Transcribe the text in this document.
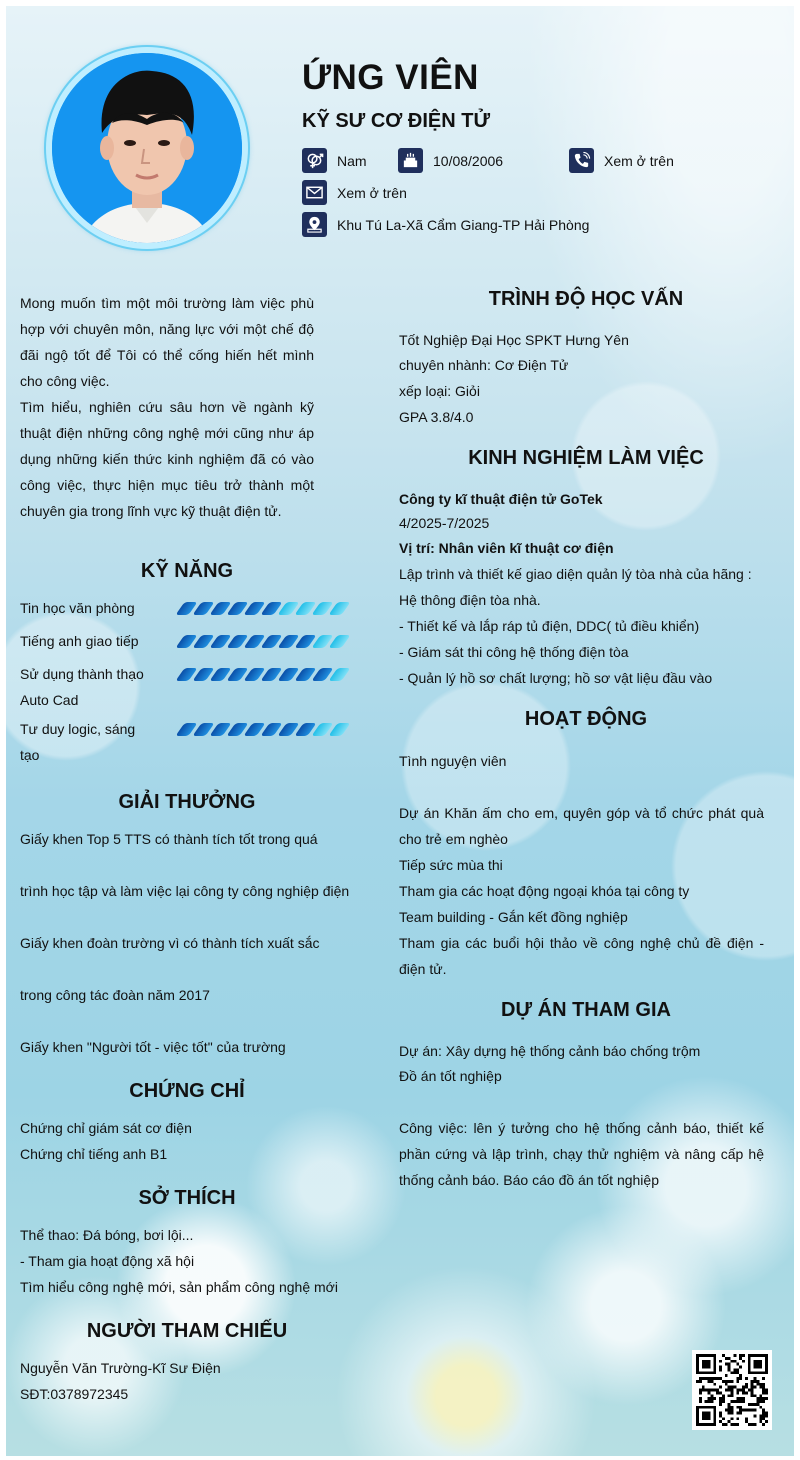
ỨNG VIÊN
KỸ SƯ CƠ ĐIỆN TỬ
Nam	10/08/2006	Xem ở trên
Xem ở trên
Khu Tú La-Xã Cẩm Giang-TP Hải Phòng

Mong muốn tìm một môi trường làm việc phù hợp với chuyên môn, năng lực với một chế độ đãi ngộ tốt để Tôi có thể cống hiến hết mình cho công việc.

Tìm hiểu, nghiên cứu sâu hơn về ngành kỹ thuật điện những công nghệ mới cũng như áp dụng những kiến thức kinh nghiệm đã có vào công việc, thực hiện mục tiêu trở thành một chuyên gia trong lĩnh vực kỹ thuật điện tử.

KỸ NĂNG
Tin học văn phòng
Tiếng anh giao tiếp
Sử dụng thành thạo Auto Cad
Tư duy logic, sáng tạo
GIẢI THƯỞNG
Giấy khen Top 5 TTS có thành tích tốt trong quá
trình học tập và làm việc lại công ty công nghiệp điện
Giấy khen đoàn trường vì có thành tích xuất sắc
trong công tác đoàn năm 2017
Giấy khen "Người tốt - việc tốt" của trường
CHỨNG CHỈ
Chứng chỉ giám sát cơ điện
Chứng chỉ tiếng anh B1
SỞ THÍCH
Thể thao: Đá bóng, bơi lội...
- Tham gia hoạt động xã hội
Tìm hiểu công nghệ mới, sản phẩm công nghệ mới
NGƯỜI THAM CHIẾU
Nguyễn Văn Trường-Kĩ Sư Điện
SĐT:0378972345
TRÌNH ĐỘ HỌC VẤN
Tốt Nghiệp Đại Học SPKT Hưng Yên
chuyên nhành: Cơ Điện Tử
xếp loại: Giỏi
GPA 3.8/4.0
KINH NGHIỆM LÀM VIỆC
Công ty kĩ thuật điện tử GoTek
4/2025-7/2025
Vị trí: Nhân viên kĩ thuật cơ điện
Lập trình và thiết kế giao diện quản lý tòa nhà của hãng :
Hệ thông điện tòa nhà.
- Thiết kế và lắp ráp tủ điện, DDC( tủ điều khiển)
- Giám sát thi công hệ thống điện tòa
- Quản lý hồ sơ chất lượng; hồ sơ vật liệu đầu vào
HOẠT ĐỘNG
Tình nguyện viên
Dự án Khăn ấm cho em, quyên góp và tổ chức phát quà cho trẻ em nghèo
Tiếp sức mùa thi
Tham gia các hoạt động ngoại khóa tại công ty
Team building - Gắn kết đồng nghiệp
Tham gia các buổi hội thảo về công nghệ chủ đề điện - điện tử.
DỰ ÁN THAM GIA
Dự án: Xây dựng hệ thống cảnh báo chống trộm
Đồ án tốt nghiệp
Công việc: lên ý tưởng cho hệ thống cảnh báo, thiết kế phần cứng và lập trình, chạy thử nghiệm và nâng cấp hệ thống cảnh báo. Báo cáo đồ án tốt nghiệp
